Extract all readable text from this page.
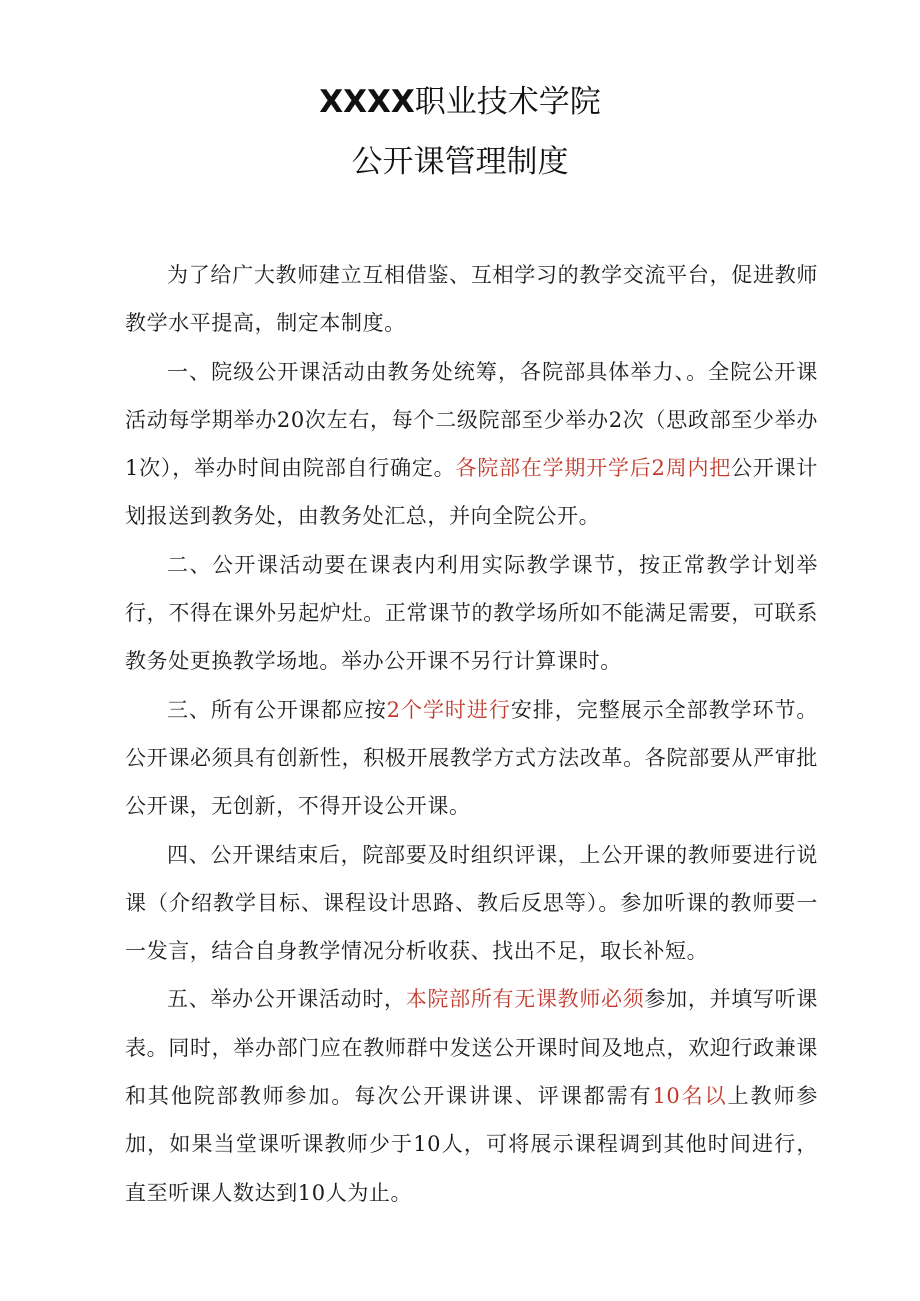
XXXX职业技术学院
公开课管理制度

为了给广大教师建立互相借鉴、互相学习的教学交流平台，促进教师教学水平提高，制定本制度。

一、院级公开课活动由教务处统筹，各院部具体举力、。全院公开课活动每学期举办20次左右，每个二级院部至少举办2次（思政部至少举办1次），举办时间由院部自行确定。各院部在学期开学后2周内把公开课计划报送到教务处，由教务处汇总，并向全院公开。

二、公开课活动要在课表内利用实际教学课节，按正常教学计划举行，不得在课外另起炉灶。正常课节的教学场所如不能满足需要，可联系教务处更换教学场地。举办公开课不另行计算课时。

三、所有公开课都应按2个学时进行安排，完整展示全部教学环节。公开课必须具有创新性，积极开展教学方式方法改革。各院部要从严审批公开课，无创新，不得开设公开课。

四、公开课结束后，院部要及时组织评课，上公开课的教师要进行说课（介绍教学目标、课程设计思路、教后反思等）。参加听课的教师要一一发言，结合自身教学情况分析收获、找出不足，取长补短。

五、举办公开课活动时，本院部所有无课教师必须参加，并填写听课表。同时，举办部门应在教师群中发送公开课时间及地点，欢迎行政兼课和其他院部教师参加。每次公开课讲课、评课都需有10名以上教师参加，如果当堂课听课教师少于10人，可将展示课程调到其他时间进行，直至听课人数达到10人为止。
